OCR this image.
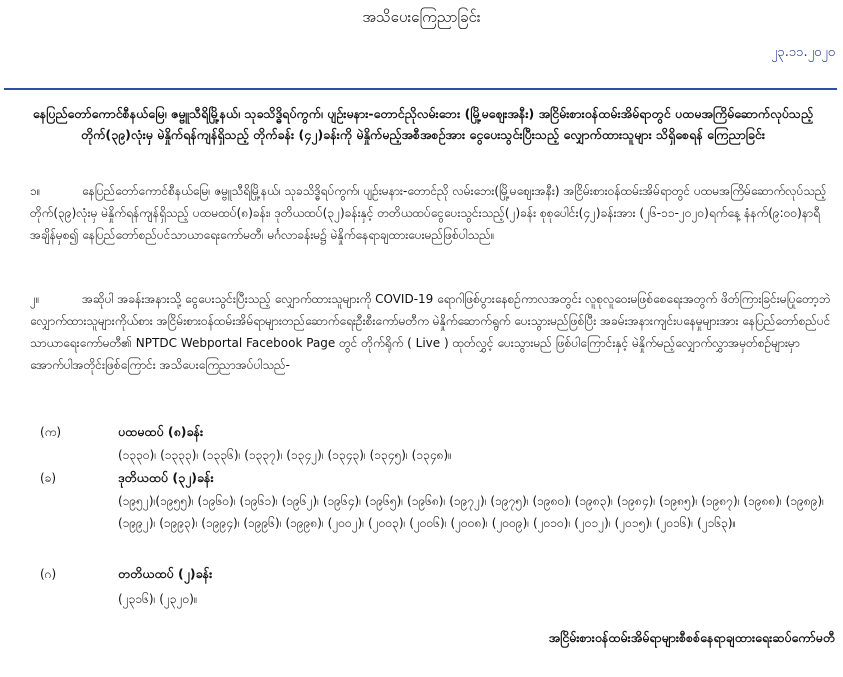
အသိပေးကြေညာခြင်း
၂၃.၁၁.၂၀၂၀
နေပြည်တော်ကောင်စီနယ်မြေ၊ ဇမ္ဗူသီရိမြို့နယ်၊ သုခသိဒ္ဓိရပ်ကွက်၊ ပျဉ်းမနား-တောင်ညိုလမ်းဘေး (မြို့မဈေးအနီး) အငြိမ်းစားဝန်ထမ်းအိမ်ရာတွင် ပထမအကြိမ်ဆောက်လုပ်သည့် တိုက်(၃၉)လုံးမှ မဲနှိုက်ရန်ကျန်ရှိသည့် တိုက်ခန်း (၄၂)ခန်းကို မဲနှိုက်မည့်အစီအစဉ်အား ငွေပေးသွင်းပြီးသည့် လျှောက်ထားသူများ သိရှိစေရန် ကြေညာခြင်း
၁။	နေပြည်တော်ကောင်စီနယ်မြေ၊ ဇမ္ဗူသီရိမြို့နယ်၊ သုခသိဒ္ဓိရပ်ကွက်၊ ပျဉ်းမနား-တောင်ညို လမ်းဘေး(မြို့မဈေးအနီး) အငြိမ်းစားဝန်ထမ်းအိမ်ရာတွင် ပထမအကြိမ်ဆောက်လုပ်သည့် တိုက်(၃၉)လုံးမှ မဲနှိုက်ရန်ကျန်ရှိသည့် ပထမထပ်(၈)ခန်း၊ ဒုတိယထပ်(၃၂)ခန်းနှင့် တတိယထပ်ငွေပေးသွင်းသည့်(၂)ခန်း စုစုပေါင်း(၄၂)ခန်းအား (၂၆-၁၁-၂၀၂၀)ရက်နေ့ နံနက်(၉:၀၀)နာရီအချိန်မှစ၍ နေပြည်တော်စည်ပင်သာယာရေးကော်မတီ၊ မင်္ဂလာခန်းမ၌ မဲနှိုက်နေရာချထားပေးမည်ဖြစ်ပါသည်။
၂။	အဆိုပါ အခန်းအနားသို့ ငွေပေးသွင်းပြီးသည့် လျှောက်ထားသူများကို COVID-19 ရောဂါဖြစ်ပွားနေစဉ်ကာလအတွင်း လူစုလူဝေးမဖြစ်စေရေးအတွက် ဖိတ်ကြားခြင်းမပြုတော့ဘဲ လျှောက်ထားသူများကိုယ်စား အငြိမ်းစားဝန်ထမ်းအိမ်ရာများတည်ဆောက်ရေးဦးစီးကော်မတီက မဲနှိုက်ဆောက်ရွက် ပေးသွားမည်ဖြစ်ပြီး အခမ်းအနားကျင်းပနေမှုများအား နေပြည်တော်စည်ပင် သာယာရေးကော်မတီ၏ NPTDC Webportal Facebook Page တွင် တိုက်ရိုက် ( Live ) ထုတ်လွှင့် ပေးသွားမည် ဖြစ်ပါကြောင်းနှင့် မဲနှိုက်မည့်လျှောက်လွှာအမှတ်စဉ်များမှာ အောက်ပါအတိုင်းဖြစ်ကြောင်း အသိပေးကြေညာအပ်ပါသည်-
(က)	ပထမထပ် (၈)ခန်း
(၁၃၃၀)၊ (၁၃၃၃)၊ (၁၃၃၆)၊ (၁၃၃၇)၊ (၁၃၄၂)၊ (၁၃၄၃)၊ (၁၃၄၅)၊ (၁၃၄၈)။
(ခ)	ဒုတိယထပ် (၃၂)ခန်း
(၁၉၅၂)၊(၁၉၅၅)၊ (၁၉၆၀)၊ (၁၉၆၁)၊ (၁၉၆၂)၊ (၁၉၆၄)၊ (၁၉၆၅)၊ (၁၉၆၈)၊ (၁၉၇၂)၊ (၁၉၇၅)၊ (၁၉၈၀)၊ (၁၉၈၃)၊ (၁၉၈၄)၊ (၁၉၈၅)၊ (၁၉၈၇)၊ (၁၉၈၈)၊ (၁၉၈၉)၊ (၁၉၉၂)၊ (၁၉၉၃)၊ (၁၉၉၄)၊ (၁၉၉၆)၊ (၁၉၉၈)၊ (၂၀၀၂)၊ (၂၀၀၃)၊ (၂၀၀၆)၊ (၂၀၀၈)၊ (၂၀၀၉)၊ (၂၀၁၀)၊ (၂၀၁၂)၊ (၂၀၁၅)၊ (၂၀၁၆)၊ (၂၁၆၃)။
(ဂ)	တတိယထပ် (၂)ခန်း
(၂၃၁၆)၊ (၂၃၂၀)။
အငြိမ်းစားဝန်ထမ်းအိမ်ရာများစီစစ်နေရာချထားရေးဆပ်ကော်မတီ
